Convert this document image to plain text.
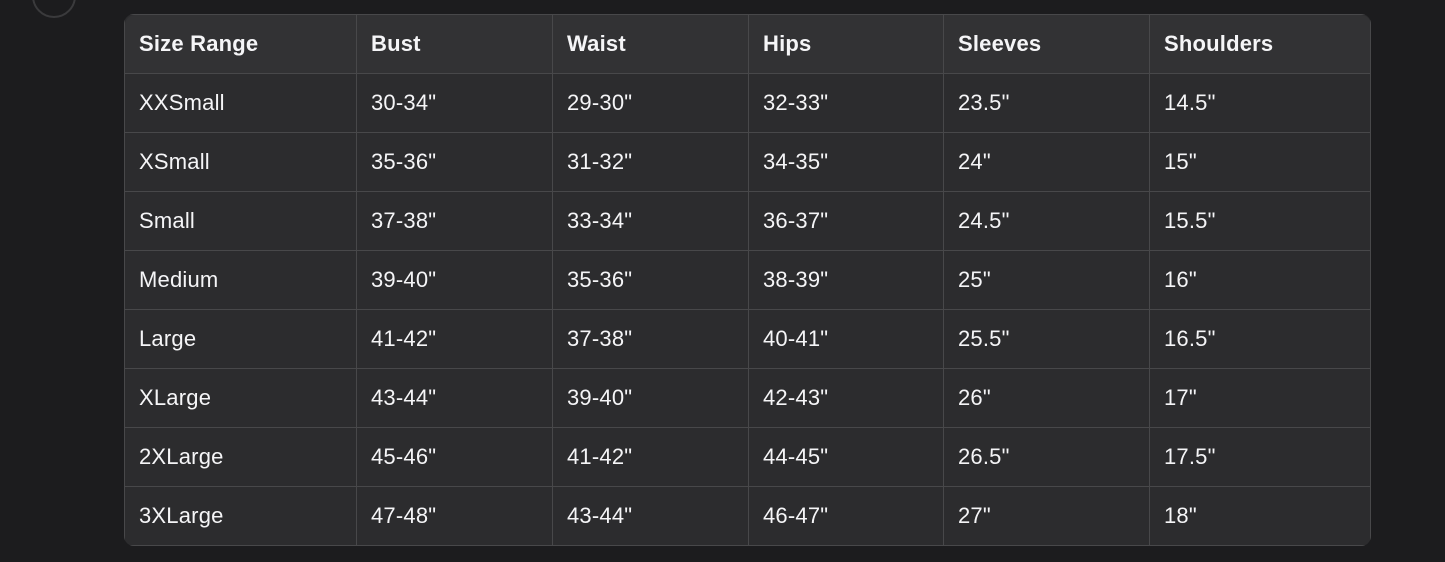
Size Range	Bust	Waist	Hips	Sleeves	Shoulders
XXSmall	30-34"	29-30"	32-33"	23.5"	14.5"
XSmall	35-36"	31-32"	34-35"	24"	15"
Small	37-38"	33-34"	36-37"	24.5"	15.5"
Medium	39-40"	35-36"	38-39"	25"	16"
Large	41-42"	37-38"	40-41"	25.5"	16.5"
XLarge	43-44"	39-40"	42-43"	26"	17"
2XLarge	45-46"	41-42"	44-45"	26.5"	17.5"
3XLarge	47-48"	43-44"	46-47"	27"	18"
